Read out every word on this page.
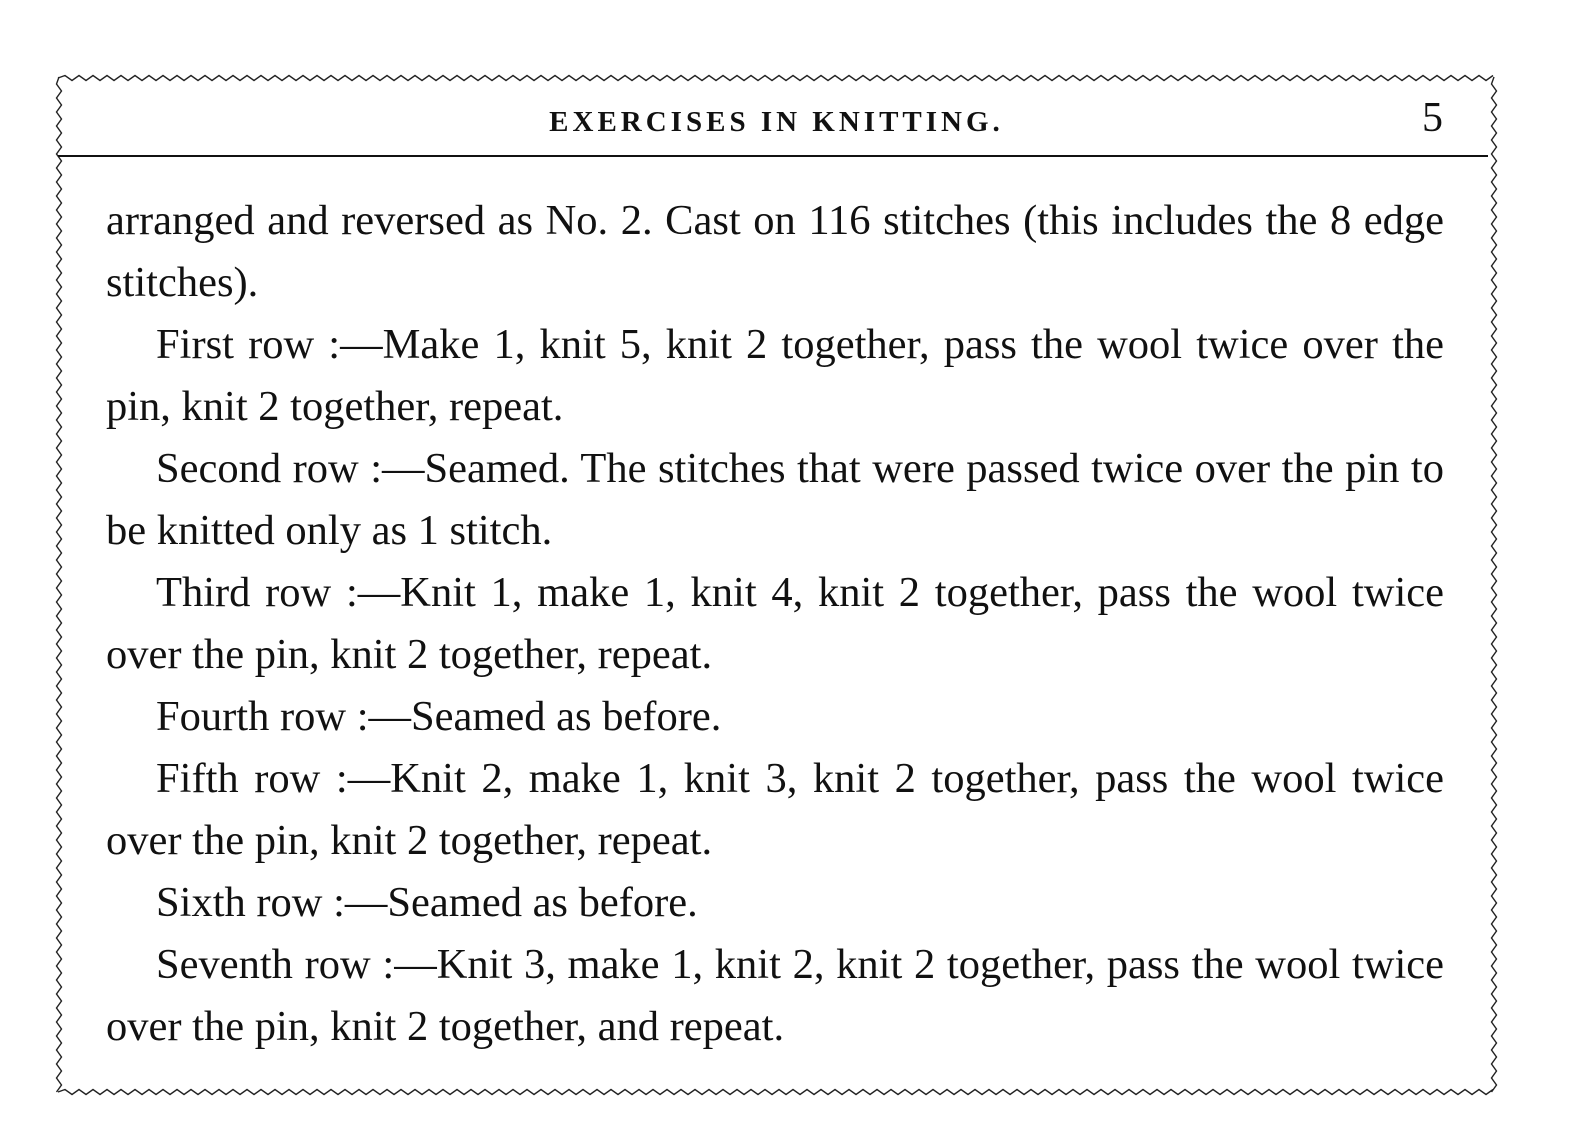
EXERCISES IN KNITTING.	5

arranged and reversed as No. 2. Cast on 116 stitches (this includes the 8 edge stitches).

First row :—Make 1, knit 5, knit 2 together, pass the wool twice over the pin, knit 2 together, repeat.

Second row :—Seamed. The stitches that were passed twice over the pin to be knitted only as 1 stitch.

Third row :—Knit 1, make 1, knit 4, knit 2 together, pass the wool twice over the pin, knit 2 together, repeat.

Fourth row :—Seamed as before.

Fifth row :—Knit 2, make 1, knit 3, knit 2 together, pass the wool twice over the pin, knit 2 together, repeat.

Sixth row :—Seamed as before.

Seventh row :—Knit 3, make 1, knit 2, knit 2 together, pass the wool twice over the pin, knit 2 together, and repeat.
